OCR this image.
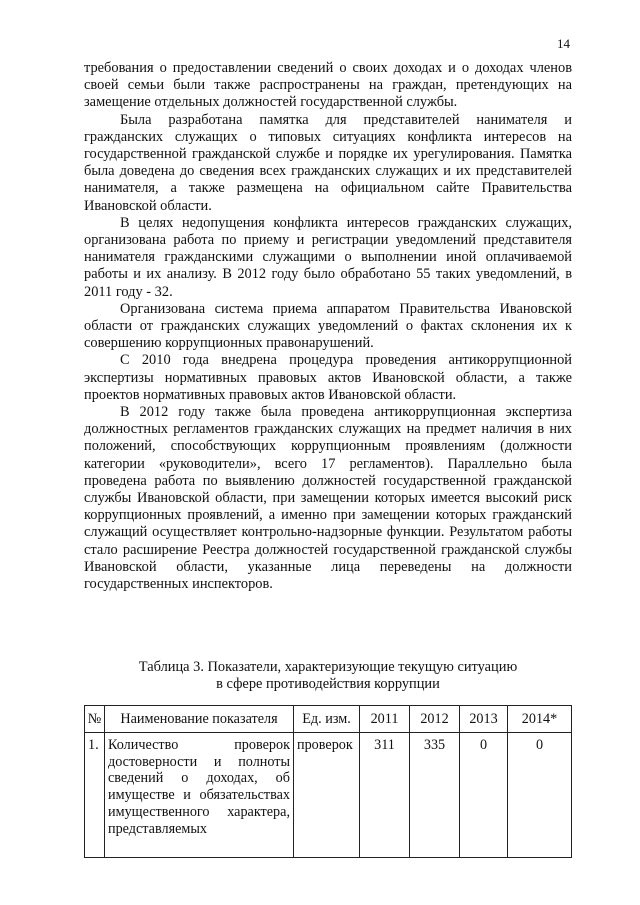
14

требования о предоставлении сведений о своих доходах и о доходах членов своей семьи были также распространены на граждан, претендующих на замещение отдельных должностей государственной службы.

Была разработана памятка для представителей нанимателя и гражданских служащих о типовых ситуациях конфликта интересов на государственной гражданской службе и порядке их урегулирования. Памятка была доведена до сведения всех гражданских служащих и их представителей нанимателя, а также размещена на официальном сайте Правительства Ивановской области.

В целях недопущения конфликта интересов гражданских служащих, организована работа по приему и регистрации уведомлений представителя нанимателя гражданскими служащими о выполнении иной оплачиваемой работы и их анализу. В 2012 году было обработано 55 таких уведомлений, в 2011 году - 32.

Организована система приема аппаратом Правительства Ивановской области от гражданских служащих уведомлений о фактах склонения их к совершению коррупционных правонарушений.

С 2010 года внедрена процедура проведения антикоррупционной экспертизы нормативных правовых актов Ивановской области, а также проектов нормативных правовых актов Ивановской области.

В 2012 году также была проведена антикоррупционная экспертиза должностных регламентов гражданских служащих на предмет наличия в них положений, способствующих коррупционным проявлениям (должности категории «руководители», всего 17 регламентов). Параллельно была проведена работа по выявлению должностей государственной гражданской службы Ивановской области, при замещении которых имеется высокий риск коррупционных проявлений, а именно при замещении которых гражданский служащий осуществляет контрольно-надзорные функции. Результатом работы стало расширение Реестра должностей государственной гражданской службы Ивановской области, указанные лица переведены на должности государственных инспекторов.

Таблица 3. Показатели, характеризующие текущую ситуацию
в сфере противодействия коррупции
№	Наименование показателя	Ед. изм.	2011	2012	2013	2014*
1.	Количество проверок достоверности и полноты сведений о доходах, об имуществе и обязательствах имущественного характера, представляемых	проверок	311	335	0	0
